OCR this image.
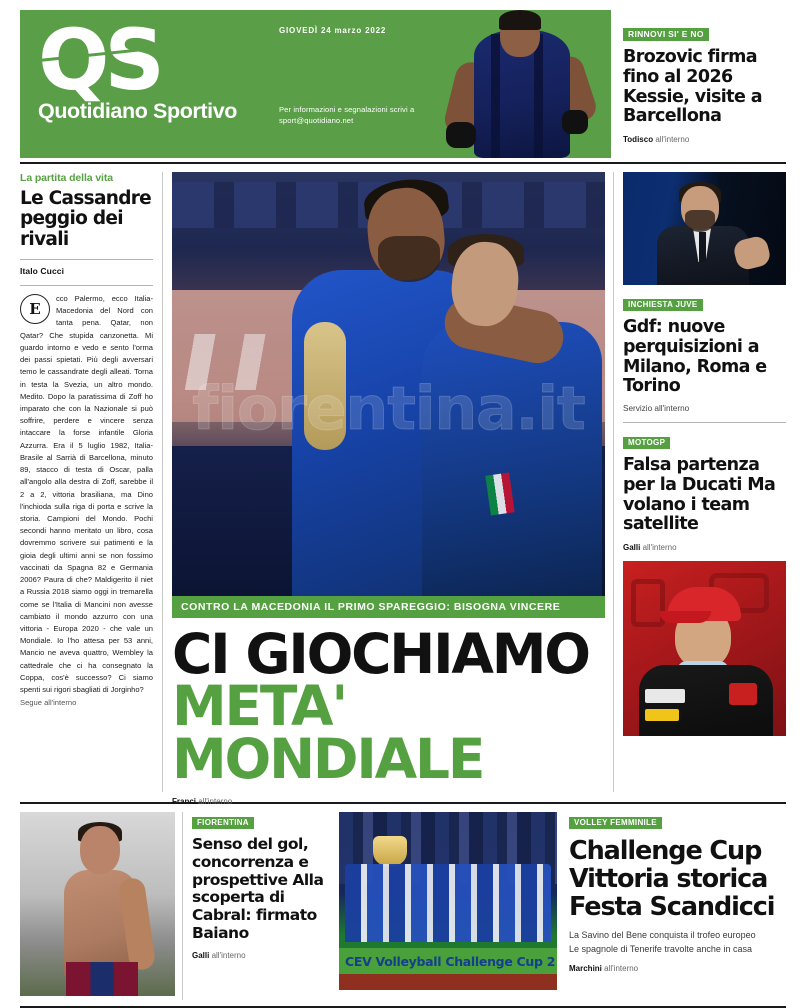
QS
Quotidiano Sportivo
GIOVEDÌ 24 marzo 2022
Per informazioni e segnalazioni scrivi a
sport@quotidiano.net
RINNOVI SI' E NO
Brozovic firma fino al 2026 Kessie, visite a Barcellona
Todisco all'interno
La partita della vita
Le Cassandre peggio dei rivali
Italo Cucci
E
cco Palermo, ecco Italia-Macedonia del Nord con tanta pena. Qatar, non Qatar? Che stupida canzonetta. Mi guardo intorno e vedo e sento l'orma dei passi spietati. Più degli avversari temo le cassandrate degli alleati. Torna in testa la Svezia, un altro mondo. Medito. Dopo la paratissima di Zoff ho imparato che con la Nazionale si può soffrire, perdere e vincere senza intaccare la forse infantile Gloria Azzurra. Era il 5 luglio 1982, Italia-Brasile al Sarrià di Barcellona, minuto 89, stacco di testa di Oscar, palla all'angolo alla destra di Zoff, sarebbe il 2 a 2, vittoria brasiliana, ma Dino l'inchioda sulla riga di porta e scrive la storia. Campioni del Mondo. Pochi secondi hanno meritato un libro, cosa dovremmo scrivere sui patimenti e la gioia degli ultimi anni se non fossimo vaccinati da Spagna 82 e Germania 2006? Paura di che? Maldigerito il niet a Russia 2018 siamo oggi in tremarella come se l'Italia di Mancini non avesse cambiato il mondo azzurro con una vittoria - Europa 2020 - che vale un Mondiale. Io l'ho attesa per 53 anni, Mancio ne aveva quattro, Wembley la cattedrale che ci ha consegnato la Coppa, cos'è successo? Ci siamo spenti sui rigori sbagliati di Jorginho?
Segue all'interno
CONTRO LA MACEDONIA IL PRIMO SPAREGGIO: BISOGNA VINCERE
CI GIOCHIAMO
META' MONDIALE
Franci all'interno
INCHIESTA JUVE
Gdf: nuove perquisizioni a Milano, Roma e Torino
Servizio all'interno
MOTOGP
Falsa partenza per la Ducati Ma volano i team satellite
Galli all'interno
FIORENTINA
Senso del gol, concorrenza e prospettive Alla scoperta di Cabral: firmato Baiano
Galli all'interno	CEV Volleyball Challenge Cup 2
VOLLEY FEMMINILE
Challenge Cup Vittoria storica Festa Scandicci
La Savino del Bene conquista il trofeo europeo
Le spagnole di Tenerife travolte anche in casa
Marchini all'interno
